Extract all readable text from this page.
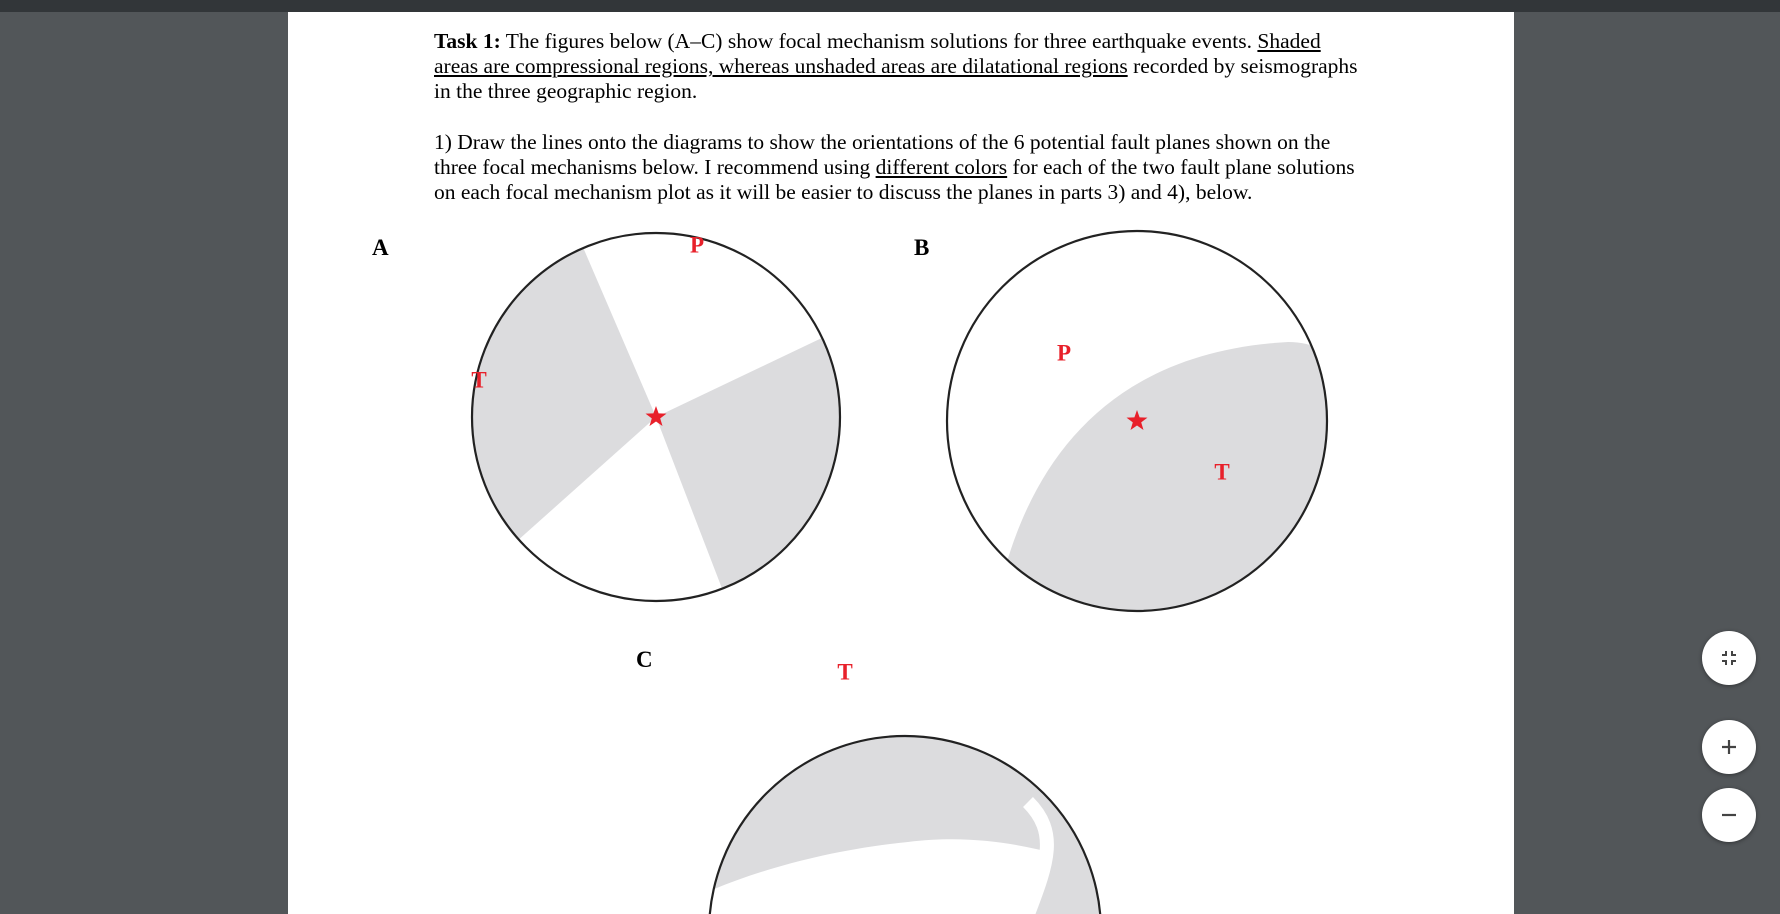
Task 1: The figures below (A–C) show focal mechanism solutions for three earthquake events. Shaded areas are compressional regions, whereas unshaded areas are dilatational regions recorded by seismographs in the three geographic region.

1) Draw the lines onto the diagrams to show the orientations of the 6 potential fault planes shown on the three focal mechanisms below. I recommend using different colors for each of the two fault plane solutions on each focal mechanism plot as it will be easier to discuss the planes in parts 3) and 4), below.

A	P
T
B
P
T
C	T
